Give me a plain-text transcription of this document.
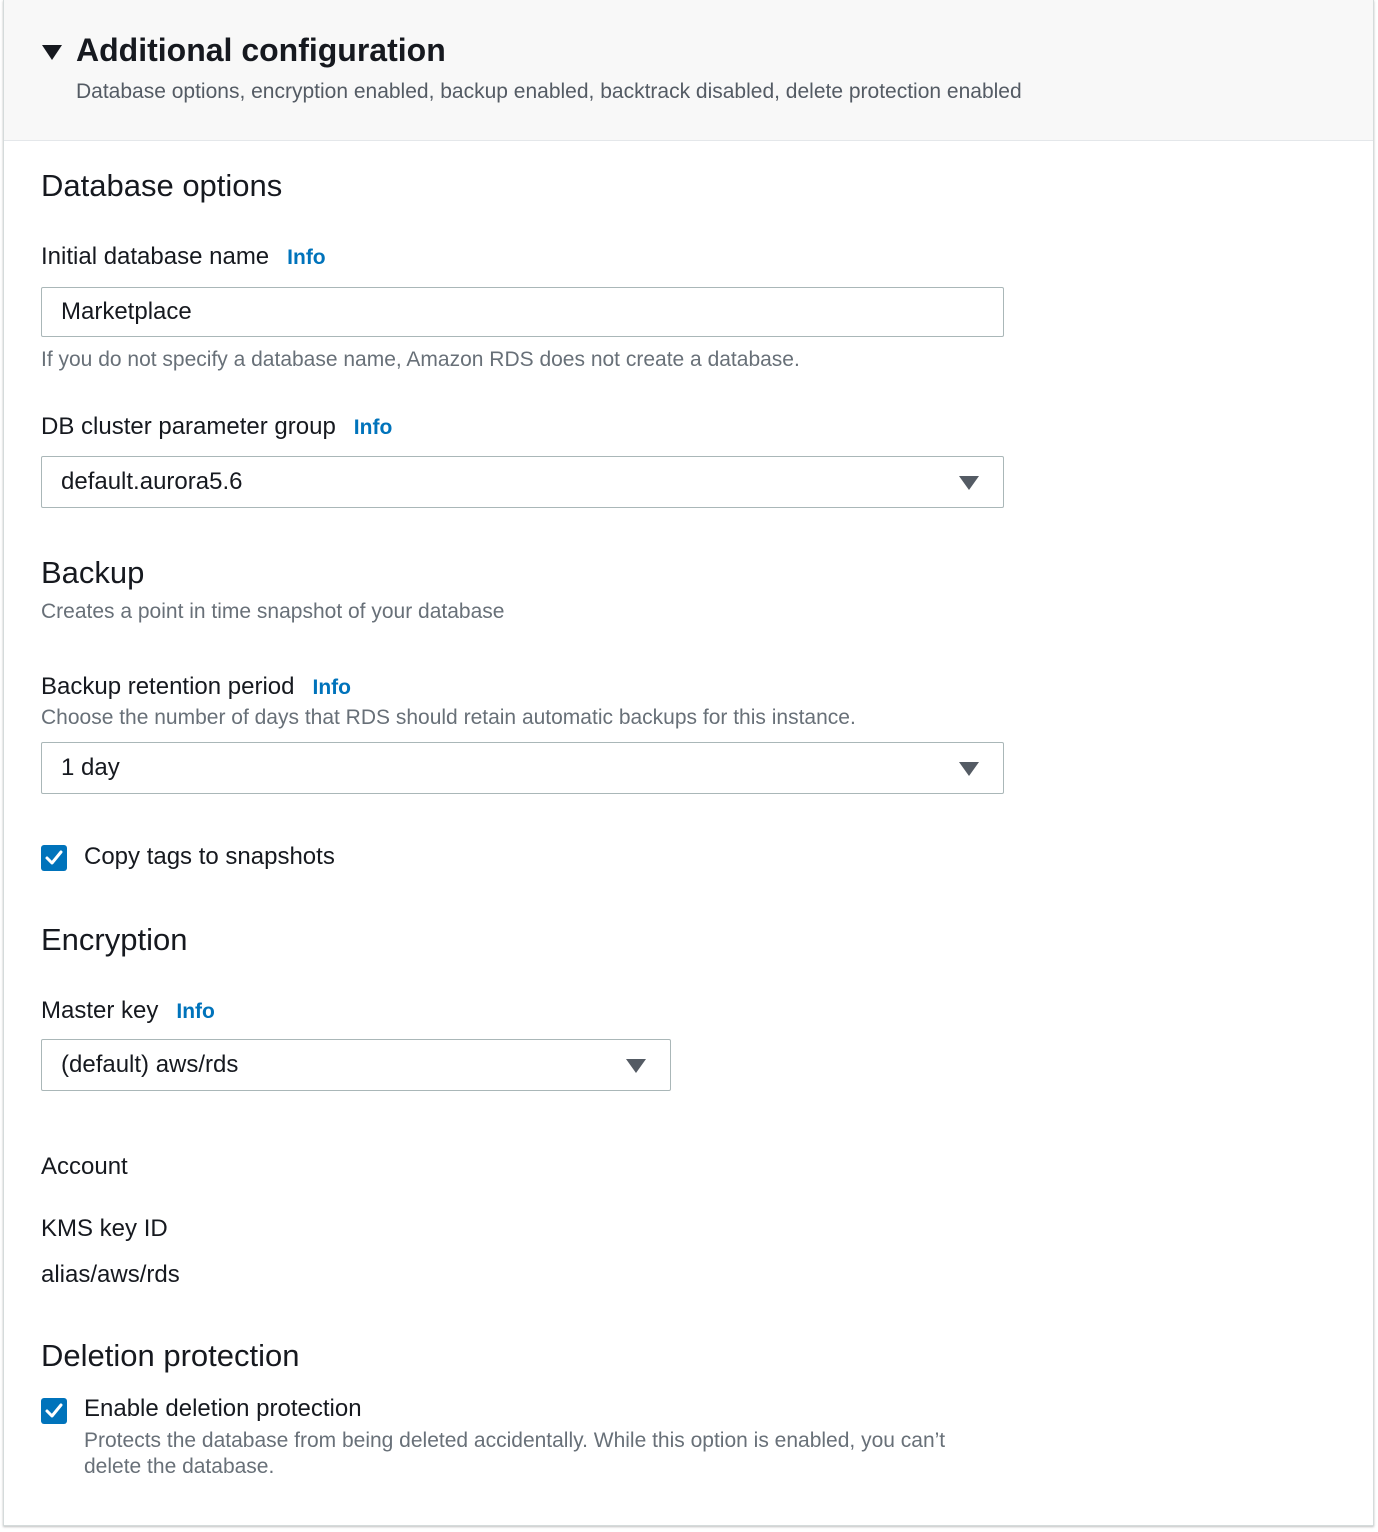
Additional configuration
Database options, encryption enabled, backup enabled, backtrack disabled, delete protection enabled
Database options
Initial database name Info
Marketplace
If you do not specify a database name, Amazon RDS does not create a database.
DB cluster parameter group Info
default.aurora5.6
Backup
Creates a point in time snapshot of your database
Backup retention period Info
Choose the number of days that RDS should retain automatic backups for this instance.
1 day
Copy tags to snapshots
Encryption
Master key Info
(default) aws/rds
Account
KMS key ID
alias/aws/rds
Deletion protection
Enable deletion protection
Protects the database from being deleted accidentally. While this option is enabled, you can’t
delete the database.
